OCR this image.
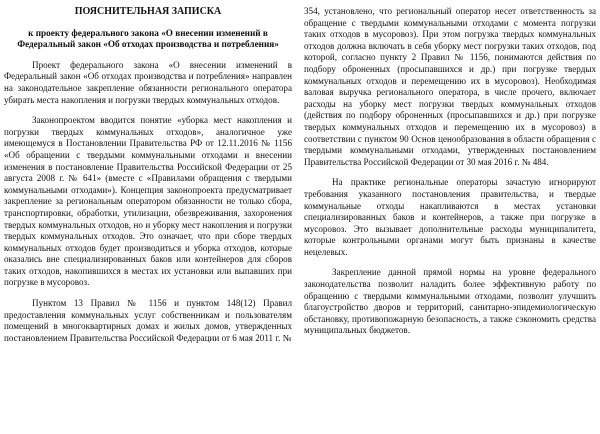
ПОЯСНИТЕЛЬНАЯ ЗАПИСКА
к проекту федерального закона «О внесении изменений в
Федеральный закон «Об отходах производства и потребления»

Проект федерального закона «О внесении изменений в Федеральный закон «Об отходах производства и потребления» направлен на законодательное закрепление обязанности регионального оператора убирать места накопления и погрузки твердых коммунальных отходов.

Законопроектом вводится понятие «уборка мест накопления и погрузки твердых коммунальных отходов», аналогичное уже имеющемуся в Постановлении Правительства РФ от 12.11.2016 № 1156 «Об обращении с твердыми коммунальными отходами и внесении изменения в постановление Правительства Российской Федерации от 25 августа 2008 г. № 641» (вместе с «Правилами обращения с твердыми коммунальными отходами»). Концепция законопроекта предусматривает закрепление за региональным оператором обязанности не только сбора, транспортировки, обработки, утилизации, обезвреживания, захоронения твердых коммунальных отходов, но и уборку мест накопления и погрузки твердых коммунальных отходов. Это означает, что при сборе твердых коммунальных отходов будет производиться и уборка отходов, которые оказались вне специализированных баков или контейнеров для сборов таких отходов, накопившихся в местах их установки или выпавших при погрузке в мусоровоз.

Пунктом 13 Правил № 1156 и пунктом 148(12) Правил предоставления коммунальных услуг собственникам и пользователям помещений в многоквартирных домах и жилых домов, утвержденных постановлением Правительства Российской Федерации от 6 мая 2011 г. №

354, установлено, что региональный оператор несет ответственность за обращение с твердыми коммунальными отходами с момента погрузки таких отходов в мусоровоз). При этом погрузка твердых коммунальных отходов должна включать в себя уборку мест погрузки таких отходов, под которой, согласно пункту 2 Правил № 1156, понимаются действия по подбору оброненных (просыпавшихся и др.) при погрузке твердых коммунальных отходов и перемещению их в мусоровоз). Необходимая валовая выручка регионального оператора, в числе прочего, включает расходы на уборку мест погрузки твердых коммунальных отходов (действия по подбору оброненных (просыпавшихся и др.) при погрузке твердых коммунальных отходов и перемещению их в мусоровоз) в соответствии с пунктом 90 Основ ценообразования в области обращения с твердыми коммунальными отходами, утвержденных постановлением Правительства Российской Федерации от 30 мая 2016 г. № 484.

На практике региональные операторы зачастую игнорируют требования указанного постановления правительства, и твердые коммунальные отходы накапливаются в местах установки специализированных баков и контейнеров, а также при погрузке в мусоровоз. Это вызывает дополнительные расходы муниципалитета, которые контрольными органами могут быть признаны в качестве нецелевых.

Закрепление данной прямой нормы на уровне федерального законодательства позволит наладить более эффективную работу по обращению с твердыми коммунальными отходами, позволит улучшить благоустройство дворов и территорий, санитарно-эпидемиологическую обстановку, противопожарную безопасность, а также сэкономить средства муниципальных бюджетов.
